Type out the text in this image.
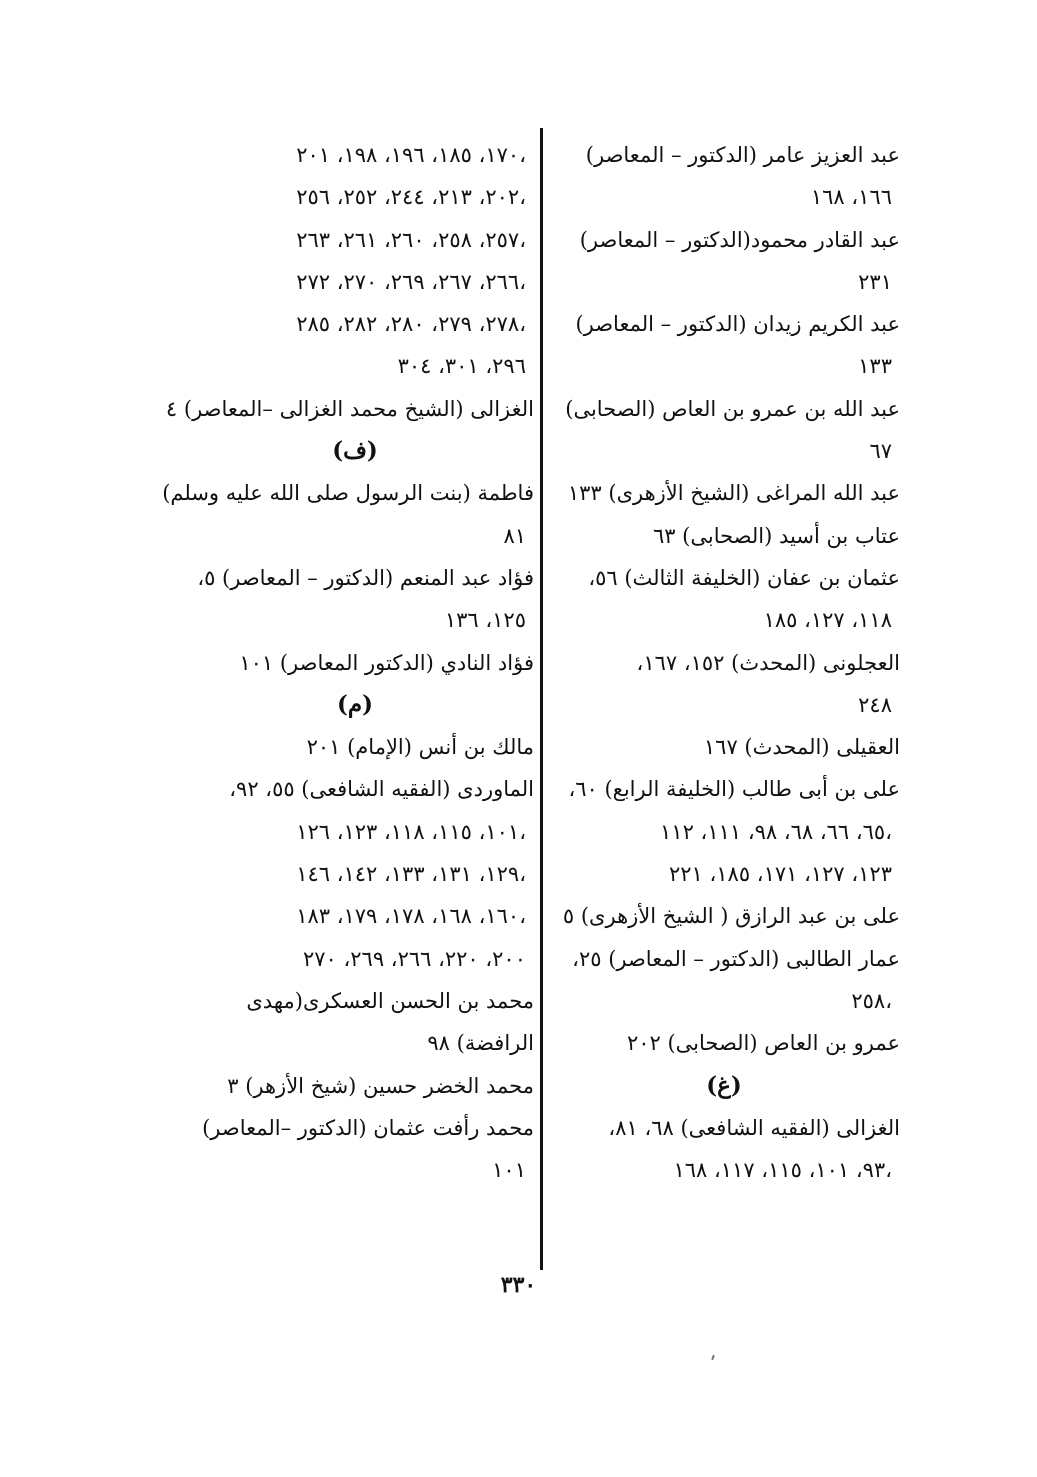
عبد العزيز عامر (الدكتور – المعاصر)
١٦٦، ١٦٨
عبد القادر محمود(الدكتور – المعاصر)
٢٣١
عبد الكريم زيدان (الدكتور – المعاصر)
١٣٣
عبد الله بن عمرو بن العاص (الصحابى)
٦٧
عبد الله المراغى (الشيخ الأزهرى) ١٣٣
عتاب بن أسيد (الصحابى) ٦٣
عثمان بن عفان (الخليفة الثالث) ٥٦،
١١٨، ١٢٧، ١٨٥
العجلونى (المحدث) ١٥٢، ١٦٧،
٢٤٨
العقيلى (المحدث) ١٦٧
على بن أبى طالب (الخليفة الرابع) ٦٠،
٦٥، ٦٦، ٦٨، ٩٨، ١١١، ١١٢،
١٢٣، ١٢٧، ١٧١، ١٨٥، ٢٢١
على بن عبد الرازق ( الشيخ الأزهرى) ٥
عمار الطالبى (الدكتور – المعاصر) ٢٥،
٢٥٨،
عمرو بن العاص (الصحابى) ٢٠٢
(غ)
الغزالى (الفقيه الشافعى) ٦٨، ٨١،
٩٣، ١٠١، ١١٥، ١١٧، ١٦٨،
١٧٠، ١٨٥، ١٩٦، ١٩٨، ٢٠١،
٢٠٢، ٢١٣، ٢٤٤، ٢٥٢، ٢٥٦،
٢٥٧، ٢٥٨، ٢٦٠، ٢٦١، ٢٦٣،
٢٦٦، ٢٦٧، ٢٦٩، ٢٧٠، ٢٧٢،
٢٧٨، ٢٧٩، ٢٨٠، ٢٨٢، ٢٨٥،
٢٩٦، ٣٠١، ٣٠٤
الغزالى (الشيخ محمد الغزالى –المعاصر) ٤
(ف)
فاطمة (بنت الرسول صلى الله عليه وسلم)
٨١
فؤاد عبد المنعم (الدكتور – المعاصر) ٥،
١٢٥، ١٣٦
فؤاد النادي (الدكتور المعاصر) ١٠١
(م)
مالك بن أنس (الإمام) ٢٠١
الماوردى (الفقيه الشافعى) ٥٥، ٩٢،
١٠١، ١١٥، ١١٨، ١٢٣، ١٢٦،
١٢٩، ١٣١، ١٣٣، ١٤٢، ١٤٦،
١٦٠، ١٦٨، ١٧٨، ١٧٩، ١٨٣،
٢٠٠، ٢٢٠، ٢٦٦، ٢٦٩، ٢٧٠
محمد بن الحسن العسكرى(مهدى
الرافضة) ٩٨
محمد الخضر حسين (شيخ الأزهر) ٣
محمد رأفت عثمان (الدكتور –المعاصر)
١٠١
٣٣٠
